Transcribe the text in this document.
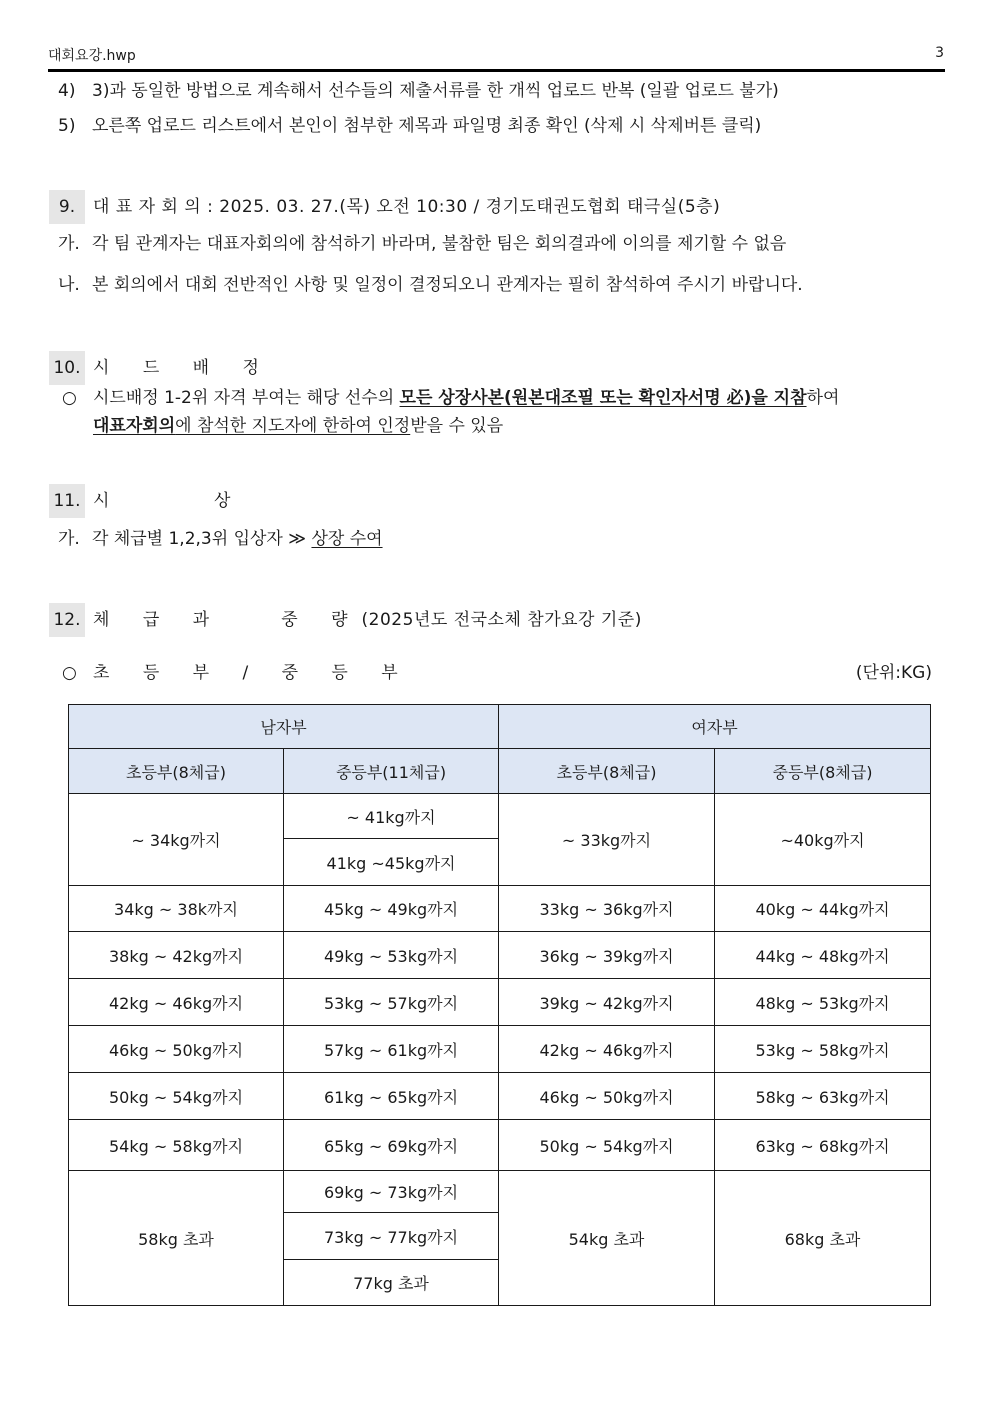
대회요강.hwp	3
4) 3)과 동일한 방법으로 계속해서 선수들의 제출서류를 한 개씩 업로드 반복 (일괄 업로드 불가)
5) 오른쪽 업로드 리스트에서 본인이 첨부한 제목과 파일명 최종 확인 (삭제 시 삭제버튼 클릭)
9.	대 표 자 회 의 : 2025. 03. 27.(목) 오전 10:30 / 경기도태권도협회 태극실(5층)
가. 각 팀 관계자는 대표자회의에 참석하기 바라며, 불참한 팀은 회의결과에 이의를 제기할 수 없음
나. 본 회의에서 대회 전반적인 사항 및 일정이 결정되오니 관계자는 필히 참석하여 주시기 바랍니다.
10. 시 드 배 정
○ 시드배정 1-2위 자격 부여는 해당 선수의 모든 상장사본(원본대조필 또는 확인자서명 必)을 지참하여
대표자회의에 참석한 지도자에 한하여 인정받을 수 있음
11. 시	상
가. 각 체급별 1,2,3위 입상자 ≫ 상장 수여
12. 체 급 과   중 량(2025년도 전국소체 참가요강 기준)
○ 초 등 부 / 중 등 부	(단위:KG)
남자부		여자부	
초등부(8체급)	중등부(11체급)	초등부(8체급)	중등부(8체급)
~ 34kg까지	~ 41kg까지	~ 33kg까지	~40kg까지
	41kg ~45kg까지		
34kg ~ 38k까지	45kg ~ 49kg까지	33kg ~ 36kg까지	40kg ~ 44kg까지
38kg ~ 42kg까지	49kg ~ 53kg까지	36kg ~ 39kg까지	44kg ~ 48kg까지
42kg ~ 46kg까지	53kg ~ 57kg까지	39kg ~ 42kg까지	48kg ~ 53kg까지
46kg ~ 50kg까지	57kg ~ 61kg까지	42kg ~ 46kg까지	53kg ~ 58kg까지
50kg ~ 54kg까지	61kg ~ 65kg까지	46kg ~ 50kg까지	58kg ~ 63kg까지
54kg ~ 58kg까지	65kg ~ 69kg까지	50kg ~ 54kg까지	63kg ~ 68kg까지
58kg 초과	69kg ~ 73kg까지	54kg 초과	68kg 초과
	73kg ~ 77kg까지		
	77kg 초과		
